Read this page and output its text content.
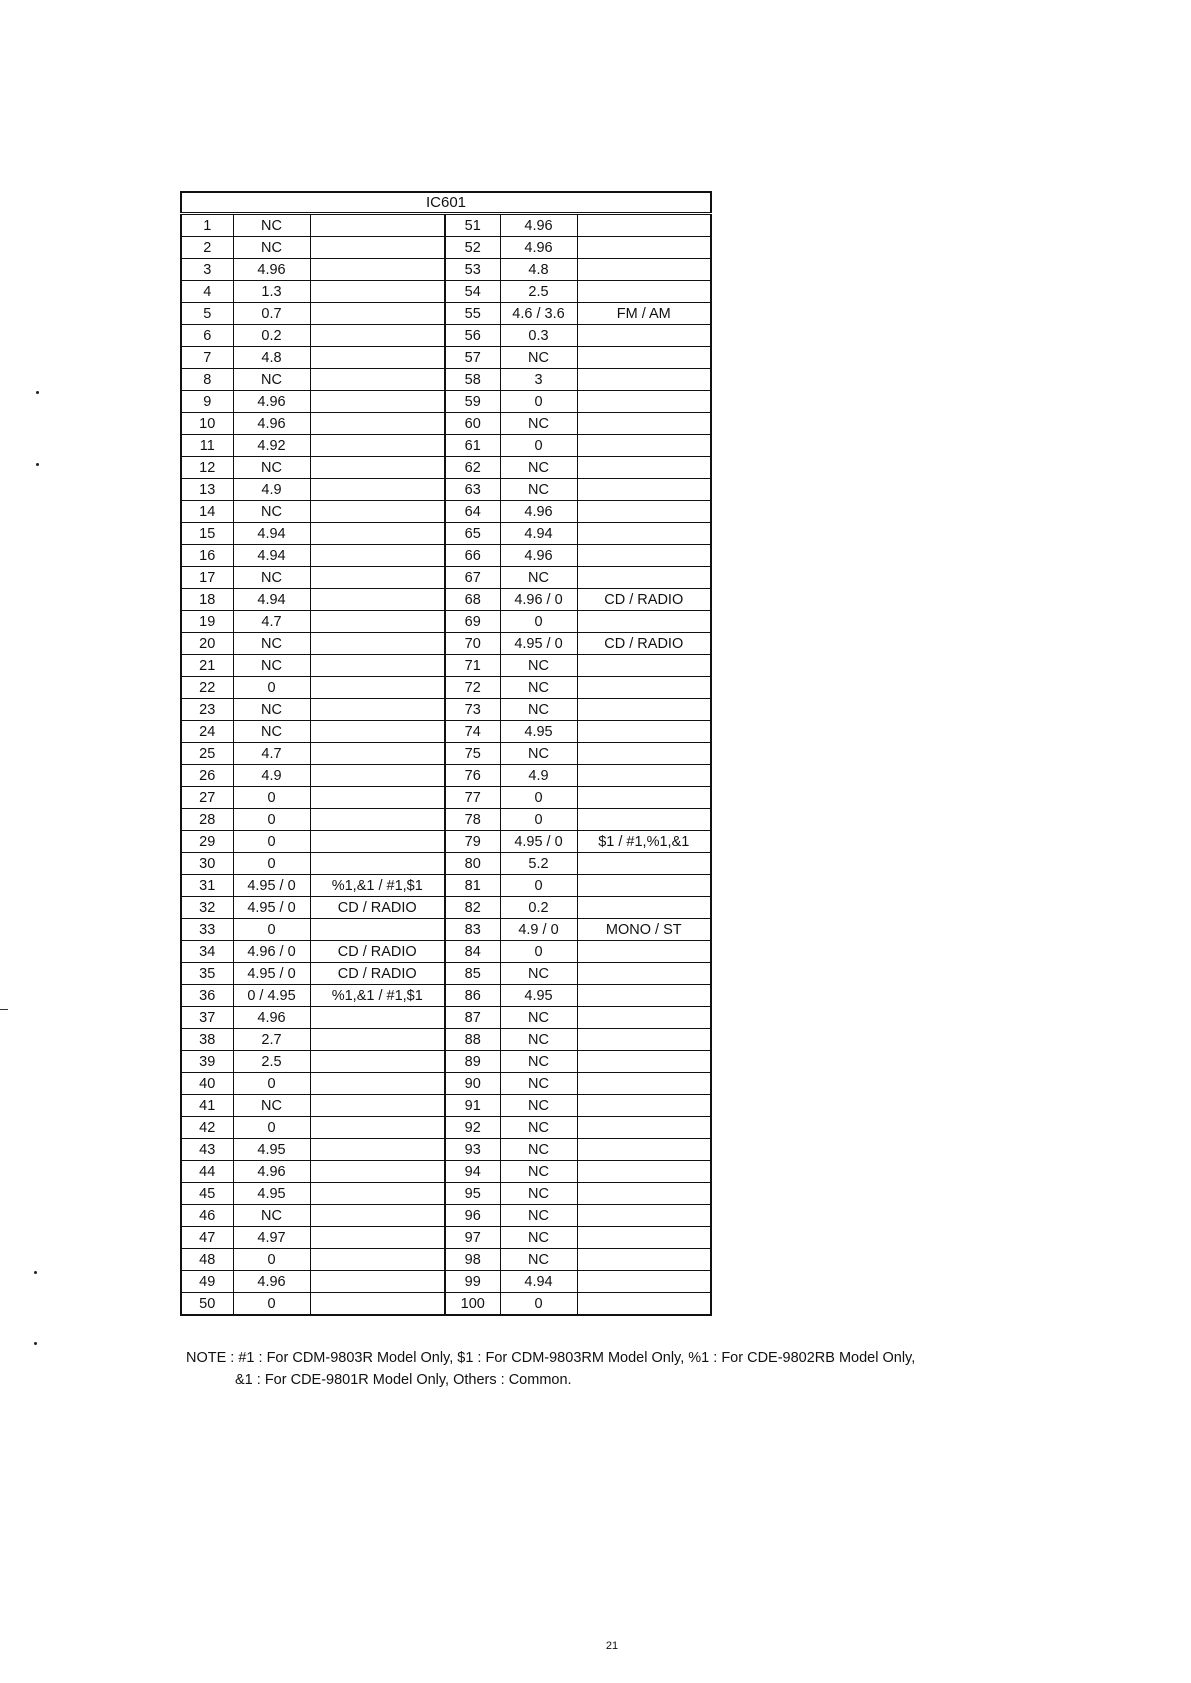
IC601					
1	NC		51	4.96	
2	NC		52	4.96	
3	4.96		53	4.8	
4	1.3		54	2.5	
5	0.7		55	4.6 / 3.6	FM / AM
6	0.2		56	0.3	
7	4.8		57	NC	
8	NC		58	3	
9	4.96		59	0	
10	4.96		60	NC	
11	4.92		61	0	
12	NC		62	NC	
13	4.9		63	NC	
14	NC		64	4.96	
15	4.94		65	4.94	
16	4.94		66	4.96	
17	NC		67	NC	
18	4.94		68	4.96 / 0	CD / RADIO
19	4.7		69	0	
20	NC		70	4.95 / 0	CD / RADIO
21	NC		71	NC	
22	0		72	NC	
23	NC		73	NC	
24	NC		74	4.95	
25	4.7		75	NC	
26	4.9		76	4.9	
27	0		77	0	
28	0		78	0	
29	0		79	4.95 / 0	$1 / #1,%1,&1
30	0		80	5.2	
31	4.95 / 0	%1,&1 / #1,$1	81	0	
32	4.95 / 0	CD / RADIO	82	0.2	
33	0		83	4.9 / 0	MONO / ST
34	4.96 / 0	CD / RADIO	84	0	
35	4.95 / 0	CD / RADIO	85	NC	
36	0 / 4.95	%1,&1 / #1,$1	86	4.95	
37	4.96		87	NC	
38	2.7		88	NC	
39	2.5		89	NC	
40	0		90	NC	
41	NC		91	NC	
42	0		92	NC	
43	4.95		93	NC	
44	4.96		94	NC	
45	4.95		95	NC	
46	NC		96	NC	
47	4.97		97	NC	
48	0		98	NC	
49	4.96		99	4.94	
50	0		100	0	
NOTE : #1 : For CDM-9803R Model Only, $1 : For CDM-9803RM Model Only, %1 : For CDE-9802RB Model Only,
&1 : For CDE-9801R Model Only, Others : Common.
21
